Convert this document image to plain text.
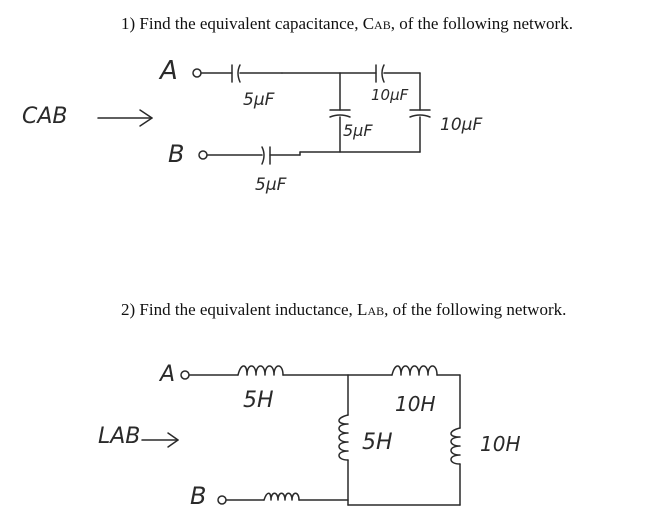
1) Find the equivalent capacitance, CAB, of the following network.
2) Find the equivalent inductance, LAB, of the following network.
A
B
CAB
5μF	10μF
5μF	10μF
5μF
A
B
LAB
5H	10H
5H	10H
